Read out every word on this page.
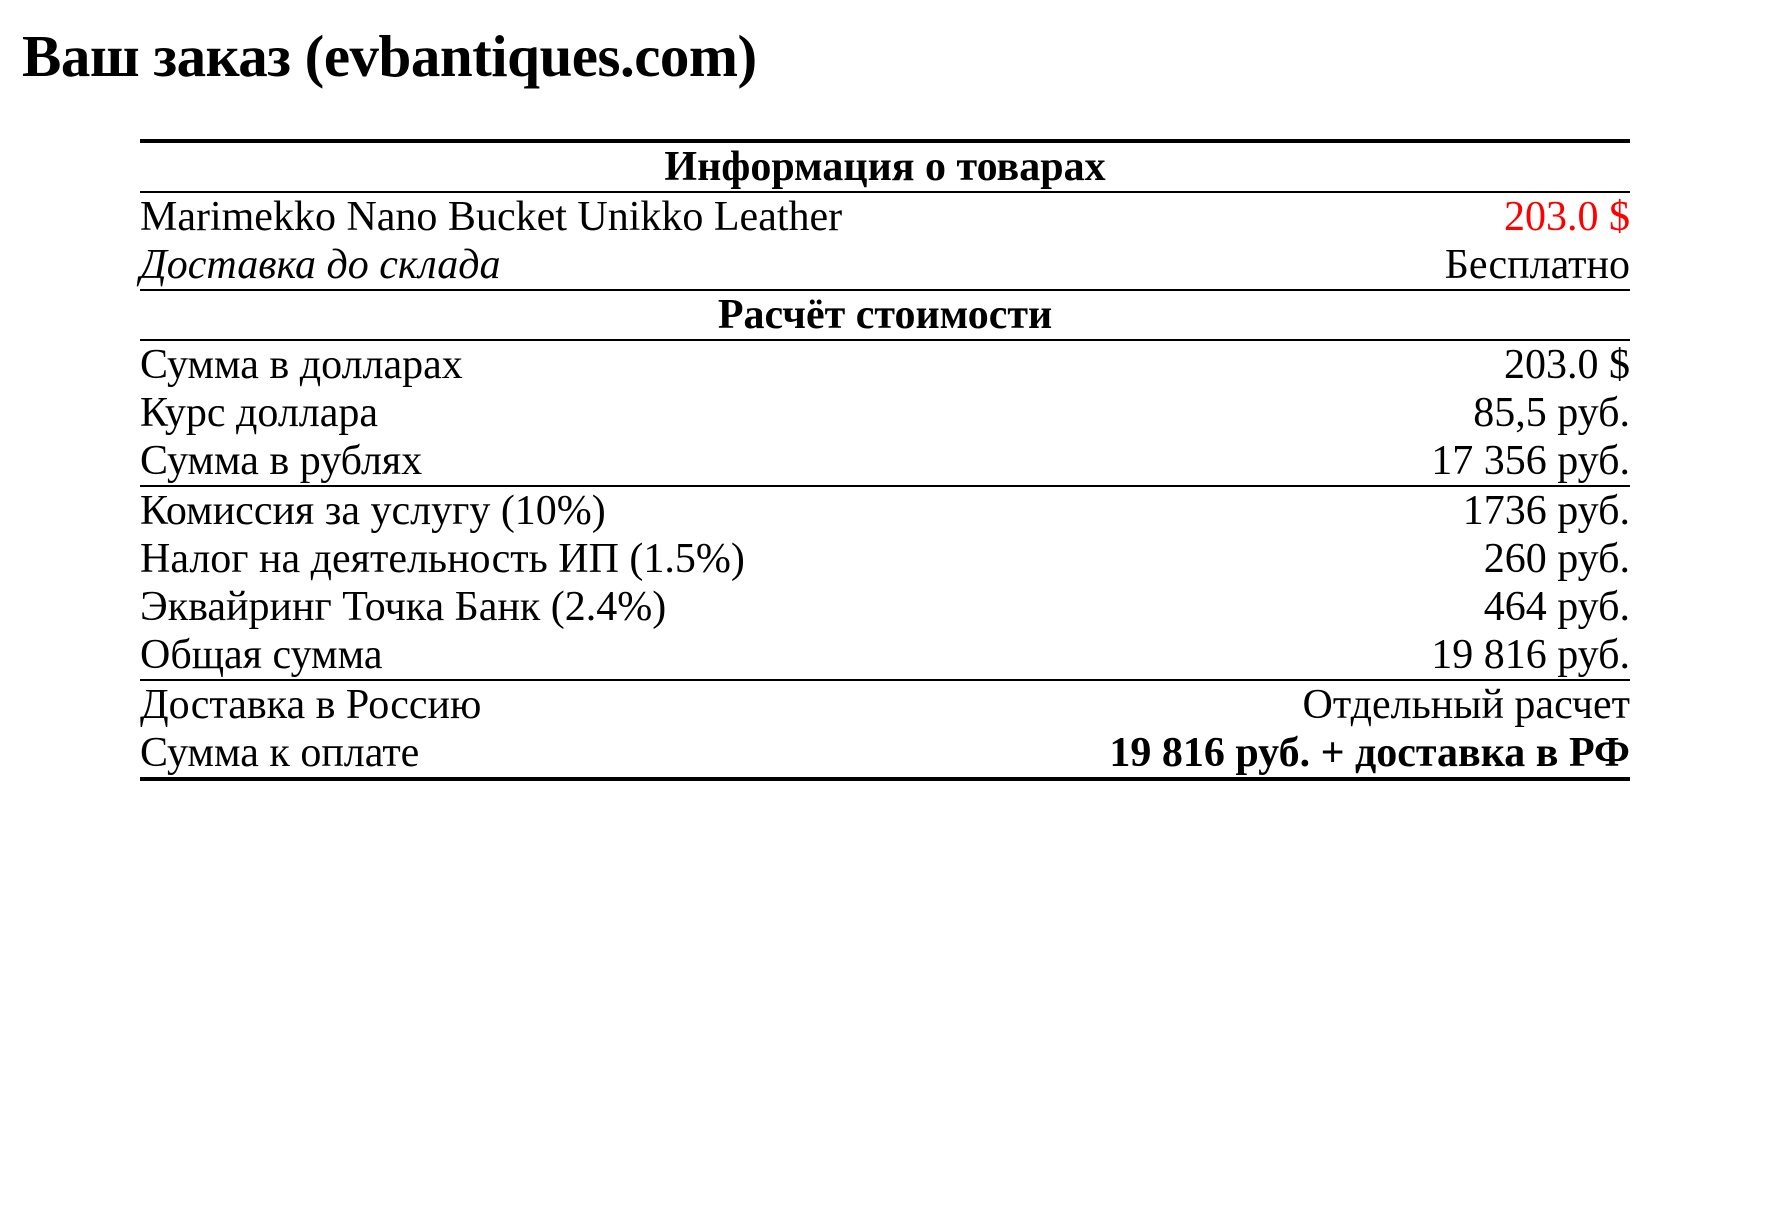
Ваш заказ (evbantiques.com)
Информация о товарах	
Marimekko Nano Bucket Unikko Leather	203.0 $
Доставка до склада	Бесплатно
Расчёт стоимости	
Сумма в долларах	203.0 $
Курс доллара	85,5 руб.
Сумма в рублях	17 356 руб.
Комиссия за услугу (10%)	1736 руб.
Налог на деятельность ИП (1.5%)	260 руб.
Эквайринг Точка Банк (2.4%)	464 руб.
Общая сумма	19 816 руб.
Доставка в Россию	Отдельный расчет
Сумма к оплате	19 816 руб. + доставка в РФ
